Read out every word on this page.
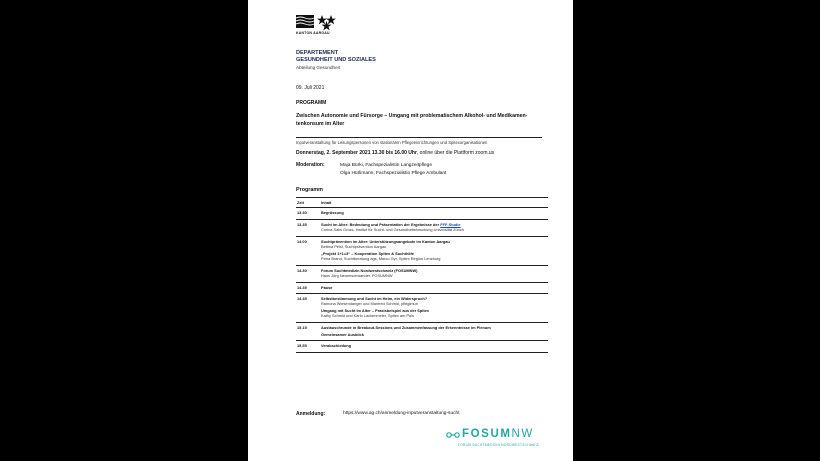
KANTON AARGAU
DEPARTEMENT
GESUNDHEIT UND SOZIALES
Abteilung Gesundheit
09. Juli 2021
PROGRAMM
Zwischen Autonomie und Fürsorge – Umgang mit problematischem Alkohol- und Medikamen-tenkonsum im Alter
Inputveranstaltung für Leitungspersonen von stationären Pflegeeinrichtungen und Spitexorganisationen
Donnerstag, 2. September 2021 13.30 bis 16.00 Uhr, online über die Plattform zoom.us
Moderation:	Maja Bürki, Fachspezialistin Langzeitpflege
Olga Hürlimann, Fachspezialistin Pflege Ambulant
Programm
Zeit	Inhalt
13.30	Begrüssung

13.35	Sucht im Alter: Bedeutung und Präsentation der Ergebnisse der FFF-Studie
Corina Salis Gross, Institut für Sucht- und Gesundheitsforschung Universität Zürich

14.00	Suchtprävention im Alter: Unterstützungsangebote im Kanton Aargau
Bettina Peisl, Suchtprävention Aargau
„Projekt 1+1=3“ – Kooperation Spitex & Suchthilfe
Petra Brand, Suchtberatung ags, Marco Gyr, Spitex Region Lenzburg

14.30	Forum Suchtmedizin Nordwestschweiz (FOSUMNW)
Hans Jörg Neuenschwander, FOSUMNW

14.35	Pause

14.45	Selbstbestimmung und Sucht im Heim, ein Widerspruch?
Ramona Wiesendanger und Manfred Schmid, pflegimuri
Umgang mit Sucht im Alter – Praxisbeispiel aus der Spitex
Kathy Schmid und Karin Lackenmeier, Spitex am Puls

15.15	Austauschrunde in Breakout-Sessions und Zusammenfassung der Erkenntnisse im Plenum
Gemeinsamer Ausblick

15.55	Verabschiedung
Anmeldung:	https://www.ag.ch/anmeldung-inputveranstaltung-sucht
FOSUMNW
FORUM SUCHTMEDIZIN NORDWESTSCHWEIZ
